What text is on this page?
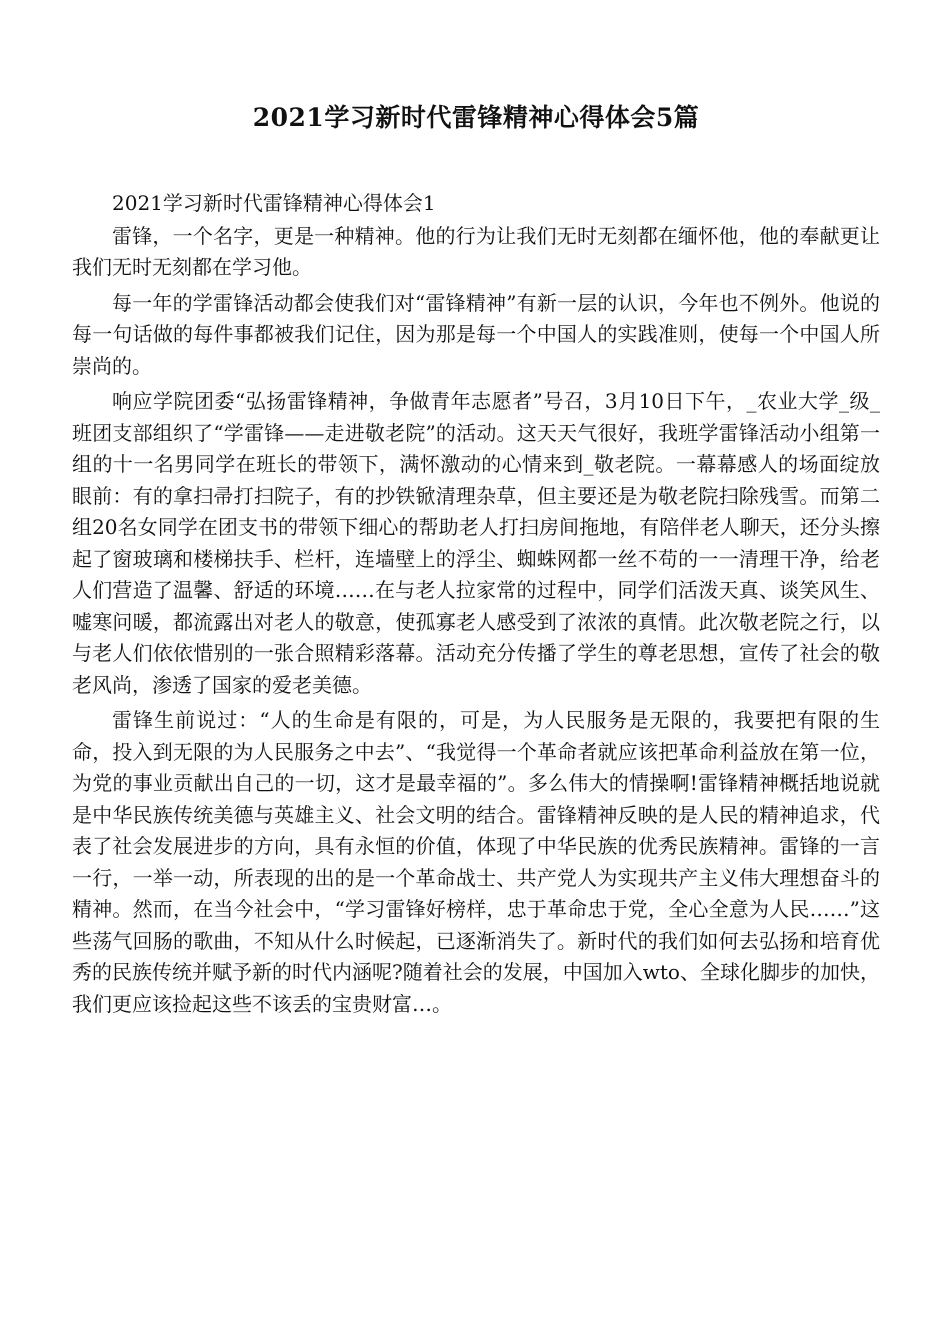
2021学习新时代雷锋精神心得体会5篇

2021学习新时代雷锋精神心得体会1

雷锋，一个名字，更是一种精神。他的行为让我们无时无刻都在缅怀他，他的奉献更让我们无时无刻都在学习他。

每一年的学雷锋活动都会使我们对“雷锋精神”有新一层的认识，今年也不例外。他说的每一句话做的每件事都被我们记住，因为那是每一个中国人的实践准则，使每一个中国人所崇尚的。

响应学院团委“弘扬雷锋精神，争做青年志愿者”号召，3月10日下午，_农业大学_级_班团支部组织了“学雷锋——走进敬老院”的活动。这天天气很好，我班学雷锋活动小组第一组的十一名男同学在班长的带领下，满怀激动的心情来到_敬老院。一幕幕感人的场面绽放眼前：有的拿扫帚打扫院子，有的抄铁锨清理杂草，但主要还是为敬老院扫除残雪。而第二组20名女同学在团支书的带领下细心的帮助老人打扫房间拖地，有陪伴老人聊天，还分头擦起了窗玻璃和楼梯扶手、栏杆，连墙壁上的浮尘、蜘蛛网都一丝不苟的一一清理干净，给老人们营造了温馨、舒适的环境……在与老人拉家常的过程中，同学们活泼天真、谈笑风生、嘘寒问暖，都流露出对老人的敬意，使孤寡老人感受到了浓浓的真情。此次敬老院之行，以与老人们依依惜别的一张合照精彩落幕。活动充分传播了学生的尊老思想，宣传了社会的敬老风尚，渗透了国家的爱老美德。

雷锋生前说过：“人的生命是有限的，可是，为人民服务是无限的，我要把有限的生命，投入到无限的为人民服务之中去”、“我觉得一个革命者就应该把革命利益放在第一位，为党的事业贡献出自己的一切，这才是最幸福的”。多么伟大的情操啊!雷锋精神概括地说就是中华民族传统美德与英雄主义、社会文明的结合。雷锋精神反映的是人民的精神追求，代表了社会发展进步的方向，具有永恒的价值，体现了中华民族的优秀民族精神。雷锋的一言一行，一举一动，所表现的出的是一个革命战士、共产党人为实现共产主义伟大理想奋斗的精神。然而，在当今社会中，“学习雷锋好榜样，忠于革命忠于党，全心全意为人民……”这些荡气回肠的歌曲，不知从什么时候起，已逐渐消失了。新时代的我们如何去弘扬和培育优秀的民族传统并赋予新的时代内涵呢?随着社会的发展，中国加入wto、全球化脚步的加快，我们更应该捡起这些不该丢的宝贵财富…。
